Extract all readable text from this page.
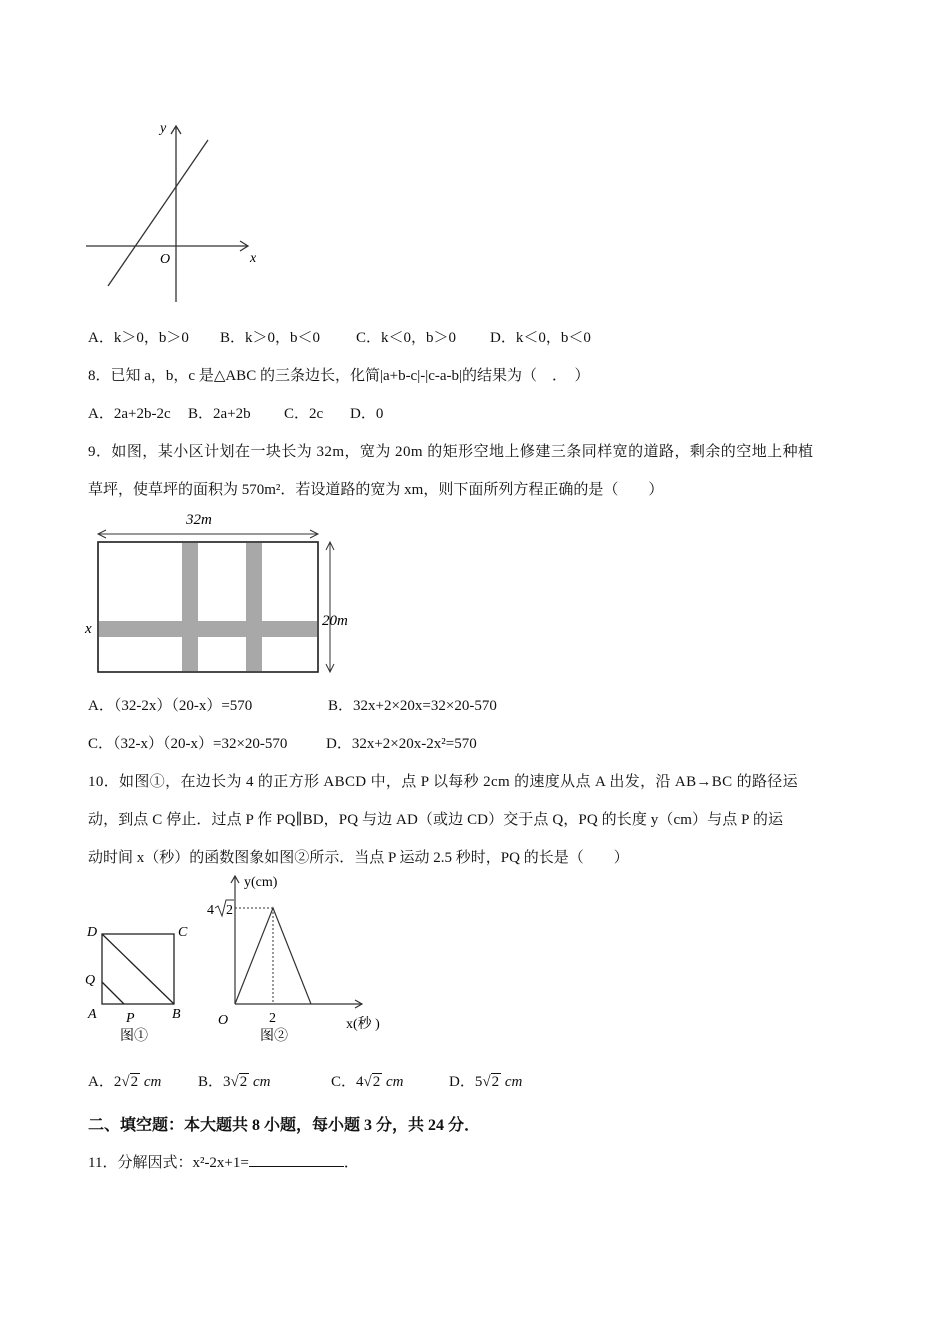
y
x
O
A．k＞0，b＞0 B．k＞0，b＜0 C．k＜0，b＞0 D．k＜0，b＜0
8．已知 a，b，c 是△ABC 的三条边长，化简|a+b-c|-|c-a-b|的结果为（　．　）
A．2a+2b-2c B．2a+2b C．2c D．0
9．如图，某小区计划在一块长为 32m，宽为 20m 的矩形空地上修建三条同样宽的道路，剩余的空地上种植
草坪，使草坪的面积为 570m²．若设道路的宽为 xm，则下面所列方程正确的是（　　）
32m
20m
x
A．（32-2x）（20-x）=570	B．32x+2×20x=32×20-570
C．（32-x）（20-x）=32×20-570	D．32x+2×20x-2x²=570
10．如图①，在边长为 4 的正方形 ABCD 中，点 P 以每秒 2cm 的速度从点 A 出发，沿 AB→BC 的路径运
动，到点 C 停止．过点 P 作 PQ∥BD，PQ 与边 AD（或边 CD）交于点 Q，PQ 的长度 y（cm）与点 P 的运
动时间 x（秒）的函数图象如图②所示．当点 P 运动 2.5 秒时，PQ 的长是（　　）
D	C
Q
A P	B
图①
y(cm)
4 2
O	2	x(秒 )
图②
A．2√2 cm B．3√2 cm	C．4√2 cm	D．5√2 cm
二、填空题：本大题共 8 小题，每小题 3 分，共 24 分．
11．分解因式：x²-2x+1=	．
